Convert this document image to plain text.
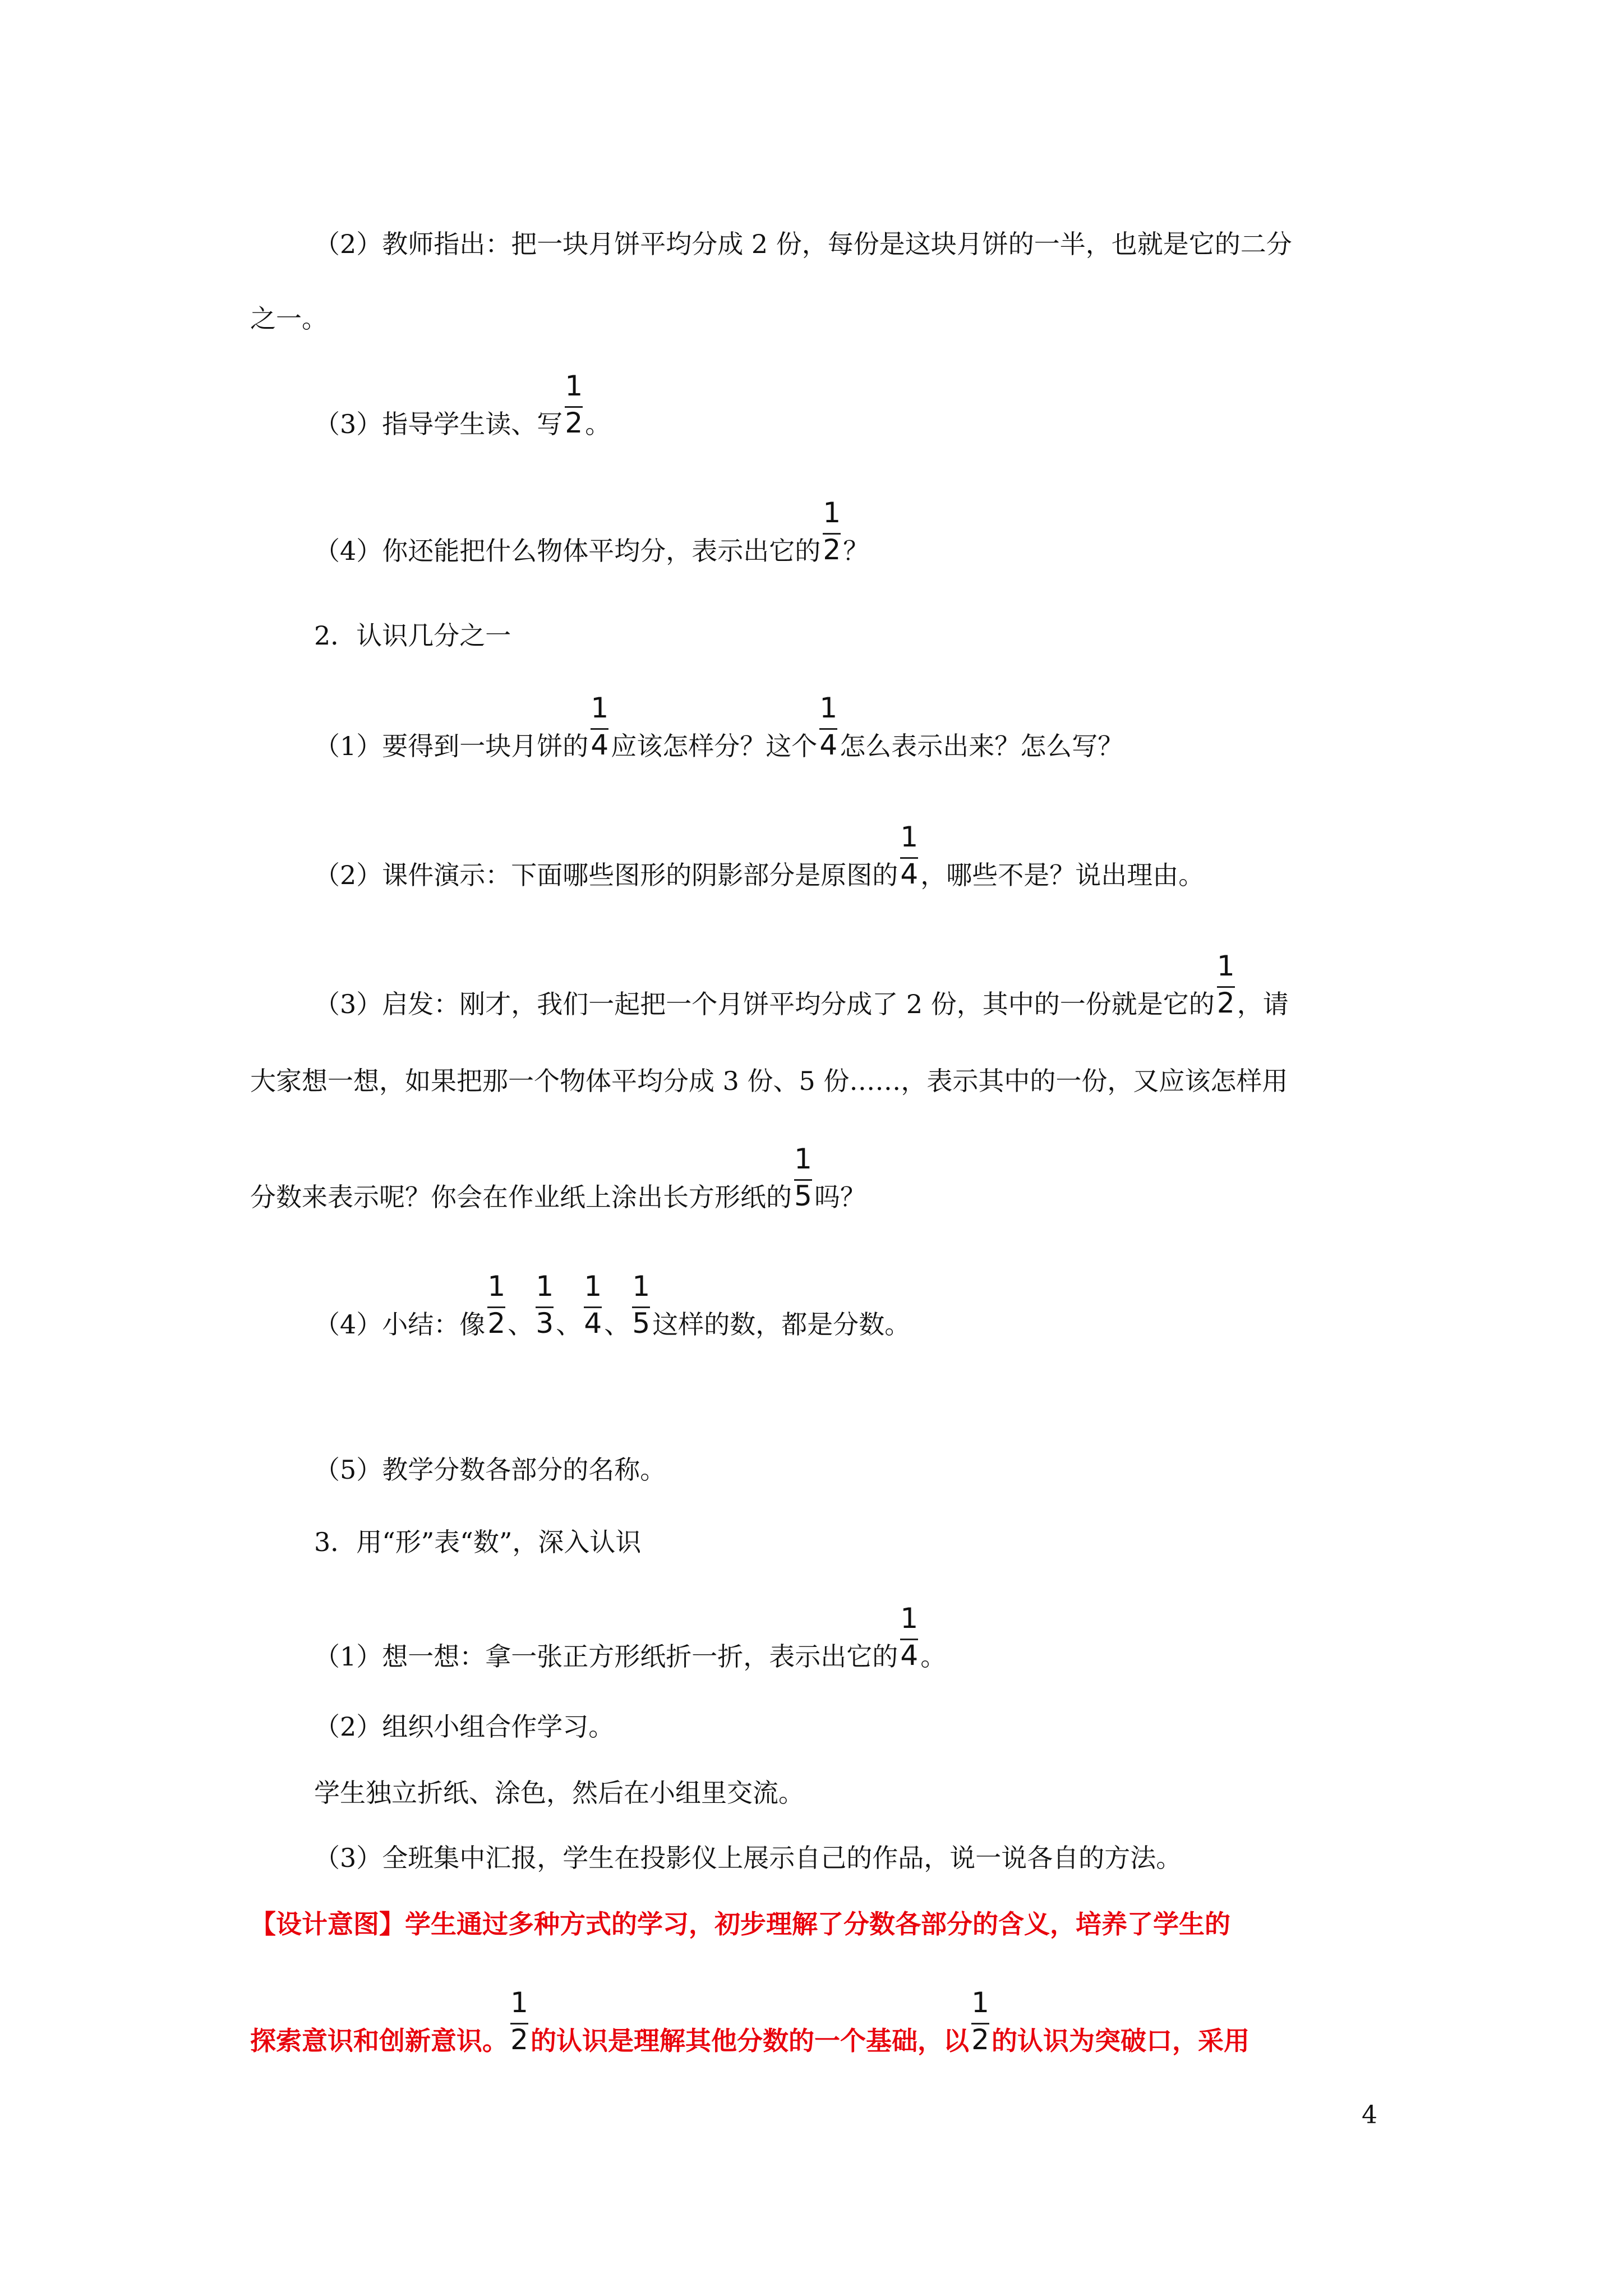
（2）教师指出：把一块月饼平均分成 2 份，每份是这块月饼的一半，也就是它的二分
之一。
（3）指导学生读、写 $\frac{1}{2}$ 。
（4）你还能把什么物体平均分，表示出它的 $\frac{1}{2}$ ？
2．认识几分之一
（1）要得到一块月饼的 $\frac{1}{4}$ 应该怎样分？这个 $\frac{1}{4}$ 怎么表示出来？怎么写？
（2）课件演示：下面哪些图形的阴影部分是原图的 $\frac{1}{4}$ ，哪些不是？说出理由。
（3）启发：刚才，我们一起把一个月饼平均分成了 2 份，其中的一份就是它的 $\frac{1}{2}$ ，请
大家想一想，如果把那一个物体平均分成 3 份、5 份……，表示其中的一份，又应该怎样用
分数来表示呢？你会在作业纸上涂出长方形纸的 $\frac{1}{5}$ 吗？
（4）小结：像 $\frac{1}{2}$ 、 $\frac{1}{3}$ 、 $\frac{1}{4}$ 、 $\frac{1}{5}$ 这样的数，都是分数。
（5）教学分数各部分的名称。
3．用“形”表“数”，深入认识
（1）想一想：拿一张正方形纸折一折，表示出它的 $\frac{1}{4}$ 。
（2）组织小组合作学习。
学生独立折纸、涂色，然后在小组里交流。
（3）全班集中汇报，学生在投影仪上展示自己的作品，说一说各自的方法。
【设计意图】学生通过多种方式的学习，初步理解了分数各部分的含义，培养了学生的
探索意识和创新意识。 $\frac{1}{2}$ 的认识是理解其他分数的一个基础，以 $\frac{1}{2}$ 的认识为突破口，采用
4
